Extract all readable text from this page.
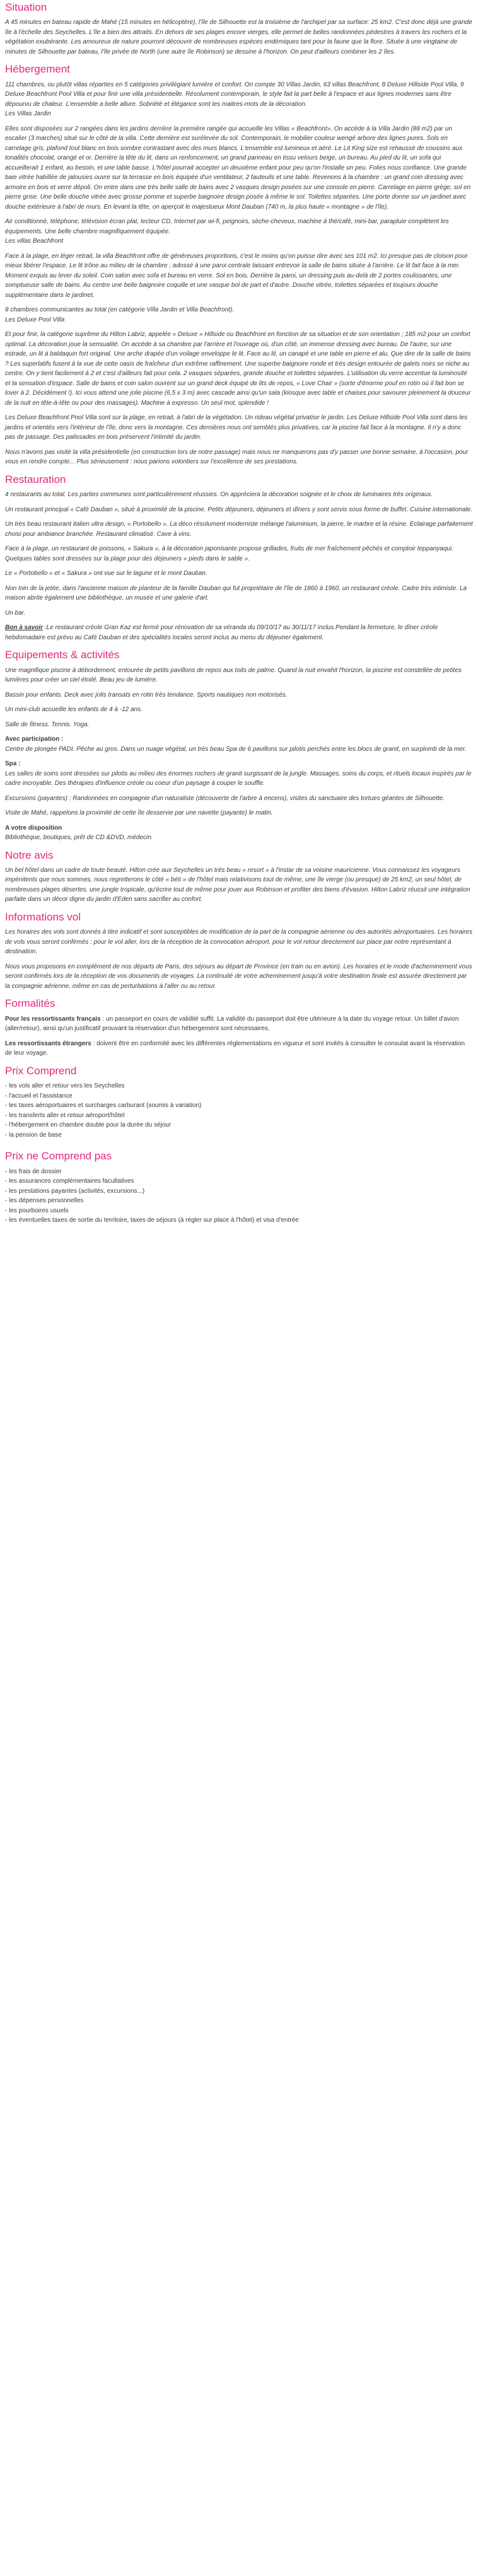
Situation

A 45 minutes en bateau rapide de Mahé (15 minutes en hélicoptère), l'île de Silhouette est la troisième de l'archipel par sa surface: 25 km2. C'est donc déjà une grande île à l'échelle des Seychelles. L'île a bien des attraits. En dehors de ses plages encore vierges, elle permet de belles randonnées pédestres à travers les rochers et la végétation exubérante. Les amoureux de nature pourront découvrir de nombreuses espèces endémiques tant pour la faune que la flore. Située à une vingtaine de minutes de Silhouette par bateau, l'île privée de North (une autre île Robinson) se dessine à l'horizon. On peut d'ailleurs combiner les 2 îles.

Hébergement

111 chambres, ou plutôt villas réparties en 5 catégories privilégiant lumière et confort. On compte 30 Villas Jardin, 63 villas Beachfront, 8 Deluxe Hillside Pool Villa, 9 Deluxe Beachfront Pool Villa et pour finir une villa présidentielle. Résolument contemporain, le style fait la part belle à l'espace et aux lignes modernes sans être dépourvu de chaleur. L'ensemble a belle allure. Sobriété et élégance sont les maitres-mots de la décoration.
Les Villas Jardin

Elles sont disposées sur 2 rangées dans les jardins derrière la première rangée qui accueille les Villas « Beachfront». On accède à la Villa Jardin (88 m2) par un escalier (3 marches) situé sur le côté de la villa. Cette dernière est surélevée du sol. Contemporain, le mobilier couleur wengé arbore des lignes pures. Sols en carrelage gris, plafond tout blanc en bois sombre contrastant avec des murs blancs. L'ensemble est lumineux et aéré. Le Lit King size est rehaussé de coussins aux tonalités chocolat, orangé et or. Derrière la tête du lit, dans un renfoncement, un grand panneau en tissu velours beige, un bureau. Au pied du lit, un sofa qui accueillerait 1 enfant, au besoin, et une table basse. L'hôtel pourrait accepter un deuxième enfant pour peu qu'on l'installe un peu. Folies nous confiance. Une grande baie vitrée habillée de jalousies ouvre sur la terrasse en bois équipée d'un ventilateur, 2 fauteuils et une table. Revenons à la chambre : un grand coin dressing avec armoire en bois et verre dépoli. On entre dans une très belle salle de bains avec 2 vasques design posées sur une console en pierre. Carrelage en pierre grège, sol en pierre grise. Une belle douche vitrée avec grosse pomme et superbe baignoire design posée à même le sol. Toilettes séparées. Une porte donne sur un jardinet avec douche extérieure à l'abri de murs. En levant la tête, on aperçoit le majestueux Mont Dauban (740 m, la plus haute « montagne » de l'île).

Air conditionné, téléphone, télévision écran plat, lecteur CD, Internet par wi-fi, peignoirs, sèche-cheveux, machine à thé/café, mini-bar, parapluie complètent les équipements. Une belle chambre magnifiquement équipée.
Les villas Beachfront

Face à la plage, en léger retrait, la villa Beachfront offre de généreuses proportions, c'est le moins qu'on puisse dire avec ses 101 m2. Ici presque pas de cloison pour mieux libérer l'espace. Le lit trône au milieu de la chambre ; adossé à une paroi centrale laissant entrevoir la salle de bains située à l'arrière. Le lit fait face à la mer. Moment exquis au lever du soleil. Coin salon avec sofa et bureau en verre. Sol en bois. Derrière la paroi, un dressing puis au-delà de 2 portes coulissantes, une somptueuse salle de bains. Au centre une belle baignoire coquille et une vasque bol de part et d'autre. Douche vitrée, toilettes séparées et toujours douche supplémentaire dans le jardinet.

8 chambres communicantes au total (en catégorie Villa Jardin et Villa Beachfront).
Les Deluxe Pool Villa

Et pour finir, la catégorie suprême du Hilton Labriz, appelée « Deluxe » Hillside ou Beachfront en fonction de sa situation et de son orientation ; 185 m2 pour un confort optimal. La décoration joue la sensualité. On accède à sa chambre par l'arrière et l'ouvrage où, d'un côté, un immense dressing avec bureau. De l'autre, sur une estrade, un lit à baldaquin fort original. Une arche drapée d'un voilage enveloppe le lit. Face au lit, un canapé et une table en pierre et alu. Que dire de la salle de bains ? Les superlatifs fusent à la vue de cette oasis de fraîcheur d'un extrême raffinement. Une superbe baignoire ronde et très design entourée de galets noirs se niche au centre. On y tient facilement à 2 et c'est d'ailleurs fait pour cela. 2 vasques séparées, grande douche et toilettes séparées. L'utilisation du verre accentue la luminosité et la sensation d'espace. Salle de bains et coin salon ouvrent sur un grand deck équipé de lits de repos, « Love Chair » (sorte d'énorme pouf en rotin où il fait bon se lover à 2. Décidément !). Ici vous attend une jolie piscine (6,5 x 3 m) avec cascade ainsi qu'un sala (kiosque avec table et chaises pour savourer pleinement la douceur de la nuit en tête-à-tête ou pour des massages). Machine à expresso. Un seul mot, splendide !

Les Deluxe Beachfront Pool Villa sont sur la plage, en retrait, à l'abri de la végétation. Un rideau végétal privatise le jardin. Les Deluxe Hillside Pool Villa sont dans les jardins et orientés vers l'intérieur de l'île, donc vers la montagne. Ces dernières nous ont semblés plus privatives, car la piscine fait face à la montagne. Il n'y a donc pas de passage. Des palissades en bois préservent l'intimité du jardin.

Nous n'avons pas visité la villa présidentielle (en construction lors de notre passage) mais nous ne manquerons pas d'y passer une bonne semaine, à l'occasion, pour vous en rendre compte... Plus sérieusement : nous parions volontiers sur l'excellence de ses prestations.

Restauration

4 restaurants au total. Les parties communes sont particulièrement réussies. On appréciera la décoration soignée et le choix de luminaires très originaux.

Un restaurant principal « Café Dauban », situé à proximité de la piscine. Petits déjeuners, déjeuners et dîners y sont servis sous forme de buffet. Cuisine internationale.

Un très beau restaurant italien ultra design, « Portobello ». La déco résolument moderniste mélange l'aluminium, la pierre, le marbre et la résine. Eclairage parfaitement choisi pour ambiance branchée. Restaurant climatisé. Cave à vins.

Face à la plage, un restaurant de poissons, « Sakura », à la décoration japonisante propose grillades, fruits de mer fraîchement pêchés et comptoir teppanyaqui. Quelques tables sont dressées sur la plage pour des déjeuners « pieds dans le sable ».

Le « Portobello » et « Sakura » ont vue sur le lagune et le mont Dauban.

Non loin de la jetée, dans l'ancienne maison de planteur de la famille Dauban qui fut propriétaire de l'île de 1860 à 1960, un restaurant créole. Cadre très intimiste. La maison abrite également une bibliothèque, un musée et une galerie d'art.

Un bar.

Bon à savoir :Le restaurant créole Gran Kaz est fermé pour rénovation de sa véranda du 09/10/17 au 30/11/17 inclus.Pendant la fermeture, le dîner créole hebdomadaire est prévu au Café Dauban et des spécialités locales seront inclus au menu du déjeuner également.

Equipements & activités

Une magnifique piscine à débordement, entourée de petits pavillons de repos aux toits de palme. Quand la nuit envahit l'horizon, la piscine est constellée de petites lumières pour créer un ciel étoilé. Beau jeu de lumière.

Bassin pour enfants. Deck avec jolis transats en rotin très tendance. Sports nautiques non motorisés.

Un mini-club accueille les enfants de 4 à -12 ans.

Salle de fitness. Tennis. Yoga.

Avec participation :
Centre de plongée PADI. Pêche au gros. Dans un nuage végétal, un très beau Spa de 6 pavillons sur pilotis perchés entre les blocs de granit, en surplomb de la mer.

Spa :
Les salles de soins sont dressées sur pilotis au milieu des énormes rochers de granit surgissant de la jungle. Massages, soins du corps, et rituels locaux inspirés par le cadre incroyable. Des thérapies d'influence créole ou coeur d'un paysage à couper le souffle.

Excursions (payantes) : Randonnées en compagnie d'un naturaliste (découverte de l'arbre à encens), visites du sanctuaire des tortues géantes de Silhouette.

Visite de Mahé, rappelons la proximité de cette île desservie par une navette (payante) le matin.

A votre disposition
Bibliothèque, boutiques, prêt de CD &DVD, médecin.

Notre avis

Un bel hôtel dans un cadre de toute beauté. Hilton crée aux Seychelles un très beau « resort » à l'instar de sa voisine mauricienne. Vous connaissez les voyageurs impénitents que nous sommes, nous regretterons le côté « béti » de l'hôtel mais relativisons tout de même, une île vierge (ou presque) de 25 km2, un seul hôtel, de nombreuses plages désertes, une jungle tropicale, qu'écrire tout de même pour jouer aux Robinson et profiter des biens d'évasion. Hilton Labriz réussit une intégration parfaite dans un décor digne du jardin d'Eden sans sacrifier au confort.

Informations vol

Les horaires des vols sont donnés à titre indicatif et sont susceptibles de modification de la part de la compagnie aérienne ou des autorités aéroportuaires. Les horaires de vols vous seront confirmés : pour le vol aller, lors de la réception de la convocation aéroport, pour le vol retour directement sur place par notre représentant à destination.

Nous vous proposons en complément de nos départs de Paris, des séjours au départ de Province (en train ou en avion). Les horaires et le mode d'acheminement vous seront confirmés lors de la réception de vos documents de voyages. La continuité de votre acheminement jusqu'à votre destination finale est assurée directement par la compagnie aérienne, même en cas de perturbations à l'aller ou au retour.

Formalités

Pour les ressortissants français : un passeport en cours de validité suffit. La validité du passeport doit être ultérieure à la date du voyage retour. Un billet d'avion (aller/retour), ainsi qu'un justificatif prouvant la réservation d'un hébergement sont nécessaires.

Les ressortissants étrangers : doivent être en conformité avec les différentes réglementations en vigueur et sont invités à consulter le consulat avant la réservation de leur voyage.

Prix Comprend

- les vols aller et retour vers les Seychelles

- l'accueil et l'assistance

- les taxes aéroportuaires et surcharges carburant (soumis à variation)

- les transferts aller et retour aéroport/hôtel

- l'hébergement en chambre double pour la durée du séjour

- la pension de base

Prix ne Comprend pas

- les frais de dossier

- les assurances complémentaires facultatives

- les prestations payantes (activités, excursions...)

- les dépenses personnelles

- les pourboires usuels

- les éventuelles taxes de sortie du territoire, taxes de séjours (à régler sur place à l'hôtel) et visa d'entrée
